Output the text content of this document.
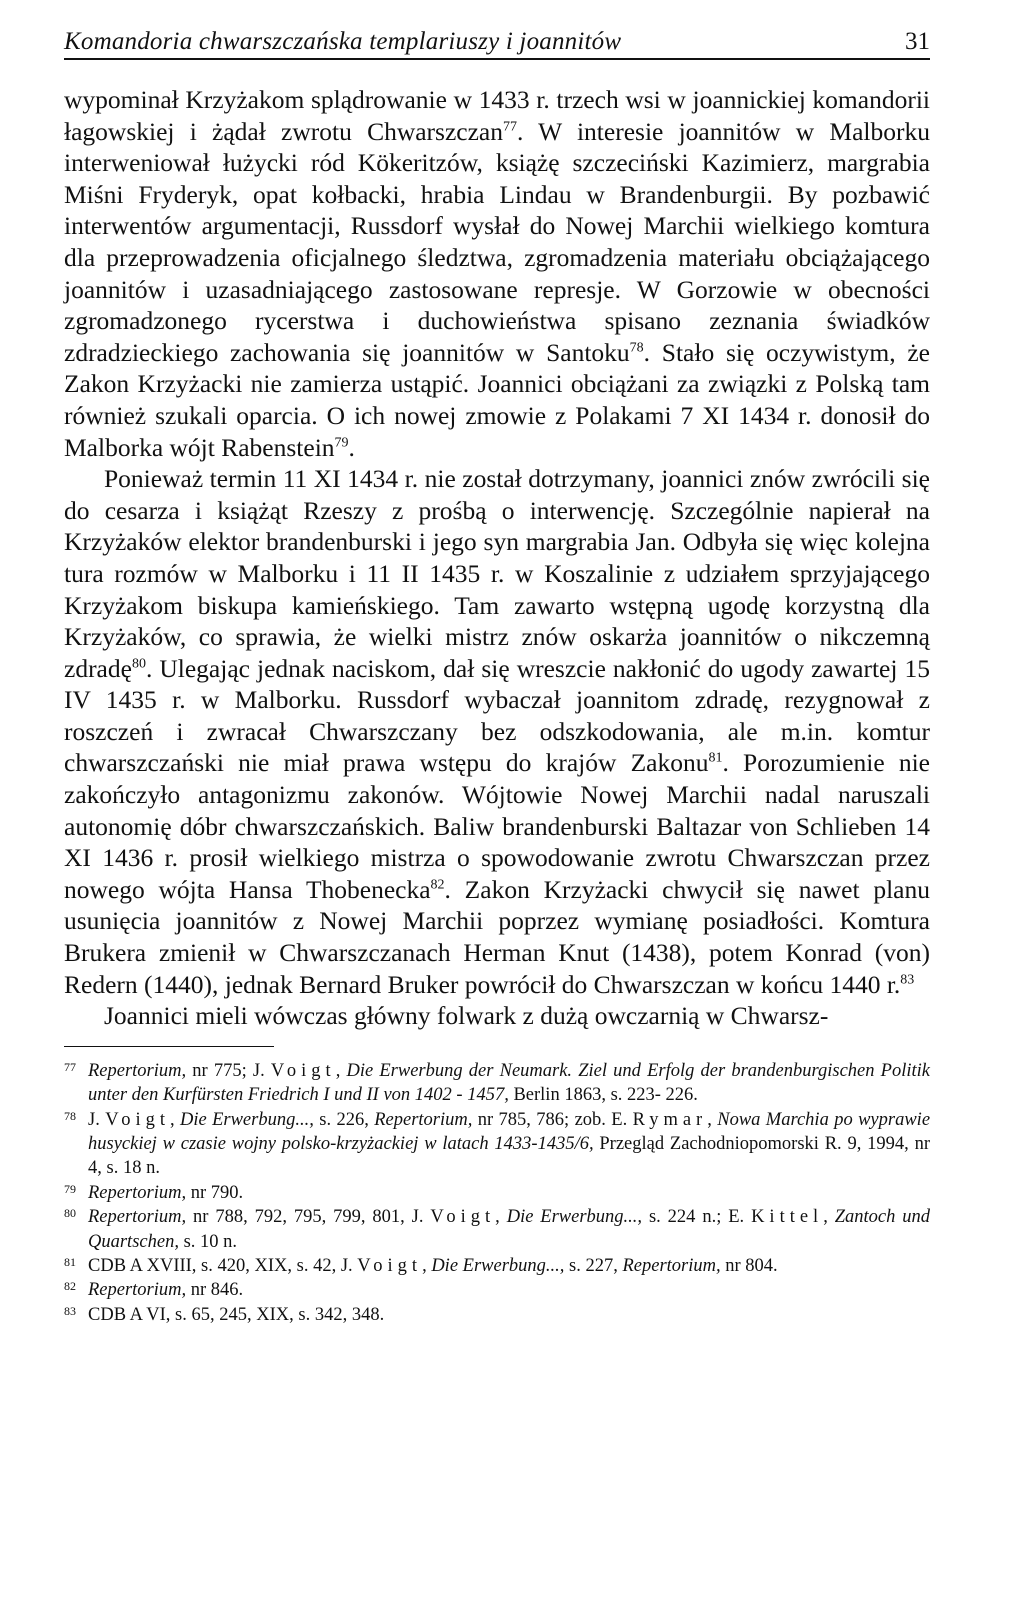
Komandoria chwarszczańska templariuszy i joannitów	31

wypominał Krzyżakom splądrowanie w 1433 r. trzech wsi w joannickiej komandorii łagowskiej i żądał zwrotu Chwarszczan$^{77}$. W interesie joannitów w Malborku interweniował łużycki ród Kökeritzów, książę szczeciński Kazimierz, margrabia Miśni Fryderyk, opat kołbacki, hrabia Lindau w Brandenburgii. By pozbawić interwentów argumentacji, Russdorf wysłał do Nowej Marchii wielkiego komtura dla przeprowadzenia oficjalnego śledztwa, zgromadzenia materiału obciążającego joannitów i uzasadniającego zastosowane represje. W Gorzowie w obecności zgromadzonego rycerstwa i duchowieństwa spisano zeznania świadków zdradzieckiego zachowania się joannitów w Santoku$^{78}$. Stało się oczywistym, że Zakon Krzyżacki nie zamierza ustąpić. Joannici obciążani za związki z Polską tam również szukali oparcia. O ich nowej zmowie z Polakami 7 XI 1434 r. donosił do Malborka wójt Rabenstein$^{79}$.

Ponieważ termin 11 XI 1434 r. nie został dotrzymany, joannici znów zwrócili się do cesarza i książąt Rzeszy z prośbą o interwencję. Szczególnie napierał na Krzyżaków elektor brandenburski i jego syn margrabia Jan. Odbyła się więc kolejna tura rozmów w Malborku i 11 II 1435 r. w Koszalinie z udziałem sprzyjającego Krzyżakom biskupa kamieńskiego. Tam zawarto wstępną ugodę korzystną dla Krzyżaków, co sprawia, że wielki mistrz znów oskarża joannitów o nikczemną zdradę$^{80}$. Ulegając jednak naciskom, dał się wreszcie nakłonić do ugody zawartej 15 IV 1435 r. w Malborku. Russdorf wybaczał joannitom zdradę, rezygnował z roszczeń i zwracał Chwarszczany bez odszkodowania, ale m.in. komtur chwarszczański nie miał prawa wstępu do krajów Zakonu$^{81}$. Porozumienie nie zakończyło antagonizmu zakonów. Wójtowie Nowej Marchii nadal naruszali autonomię dóbr chwarszczańskich. Baliw brandenburski Baltazar von Schlieben 14 XI 1436 r. prosił wielkiego mistrza o spowodowanie zwrotu Chwarszczan przez nowego wójta Hansa Thobenecka$^{82}$. Zakon Krzyżacki chwycił się nawet planu usunięcia joannitów z Nowej Marchii poprzez wymianę posiadłości. Komtura Brukera zmienił w Chwarszczanach Herman Knut (1438), potem Konrad (von) Redern (1440), jednak Bernard Bruker powrócił do Chwarszczan w końcu 1440 r.$^{83}$

Joannici mieli wówczas główny folwark z dużą owczarnią w Chwarsz-

77 Repertorium, nr 775; J. Voigt, Die Erwerbung der Neumark. Ziel und Erfolg der brandenburgischen Politik unter den Kurfürsten Friedrich I und II von 1402 - 1457, Berlin 1863, s. 223- 226.
78 J. Voigt, Die Erwerbung..., s. 226, Repertorium, nr 785, 786; zob. E. Rymar, Nowa Marchia po wyprawie husyckiej w czasie wojny polsko-krzyżackiej w latach 1433-1435/6, Przegląd Zachodniopomorski R. 9, 1994, nr 4, s. 18 n.
79 Repertorium, nr 790.
80 Repertorium, nr 788, 792, 795, 799, 801, J. Voigt, Die Erwerbung..., s. 224 n.; E. Kittel, Zantoch und Quartschen, s. 10 n.
81 CDB A XVIII, s. 420, XIX, s. 42, J. Voigt, Die Erwerbung..., s. 227, Repertorium, nr 804.
82 Repertorium, nr 846.
83 CDB A VI, s. 65, 245, XIX, s. 342, 348.
